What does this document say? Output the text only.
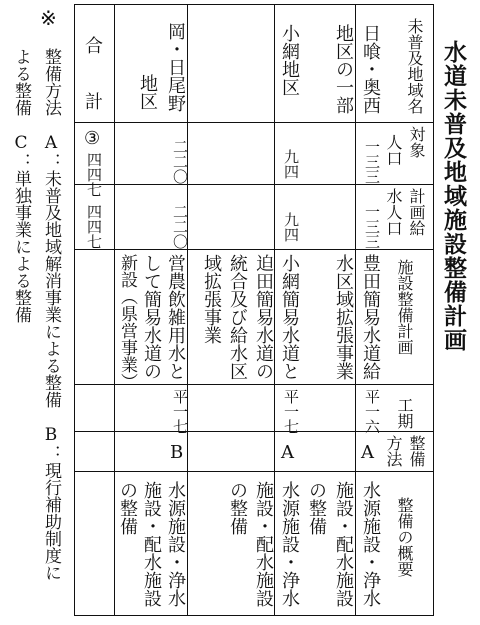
水道未普及地域施設整備計画
未普及地域名
対象
人口
計画給
水人口
施設整備計画
工期
整備
方法
整備の概要
日喰・奥西
地区の一部
一三三
一三三
豊田簡易水道給
水区域拡張事業
平一六
A
水源施設・浄水
施設・配水施設
の整備
小網地区
九四
九四
小網簡易水道と
迫田簡易水道の
統合及び給水区
域拡張事業
平一七
A
水源施設・浄水
施設・配水施設
の整備
岡・日尾野
地区
二二〇
二二〇
営農飲雑用水と
して簡易水道の
新設（県営事業）
平一七
B
水源施設・浄水
施設・配水施設
の整備
合
計
③
四四七
四四七
※
整備方法　A：未普及地域解消事業による整備　B：現行補助制度に
よる整備　C：単独事業による整備
